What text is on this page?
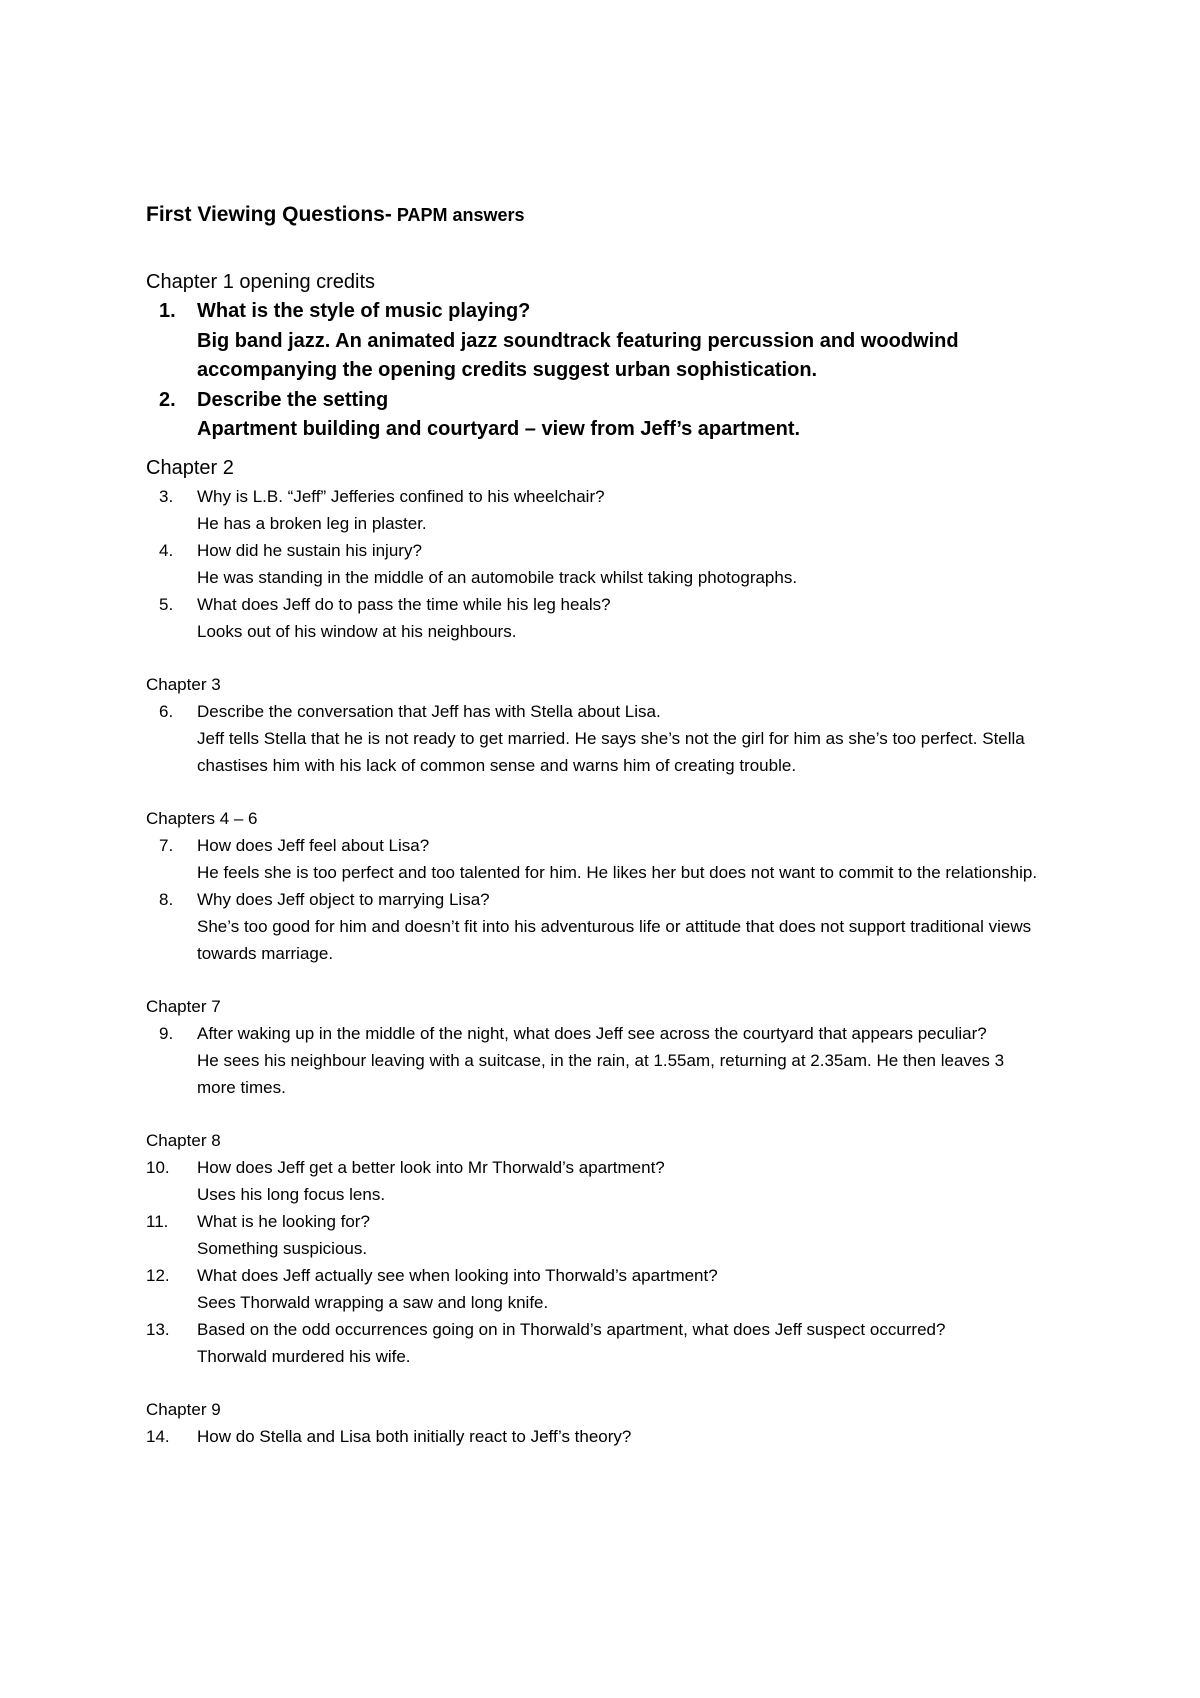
First Viewing Questions- PAPM answers
Chapter 1 opening credits
1. What is the style of music playing?
Big band jazz. An animated jazz soundtrack featuring percussion and woodwind accompanying the opening credits suggest urban sophistication.
2. Describe the setting
Apartment building and courtyard – view from Jeff’s apartment.
Chapter 2
3. Why is L.B. “Jeff” Jefferies confined to his wheelchair?
He has a broken leg in plaster.
4. How did he sustain his injury?
He was standing in the middle of an automobile track whilst taking photographs.
5. What does Jeff do to pass the time while his leg heals?
Looks out of his window at his neighbours.
Chapter 3
6. Describe the conversation that Jeff has with Stella about Lisa.
Jeff tells Stella that he is not ready to get married. He says she’s not the girl for him as she’s too perfect. Stella chastises him with his lack of common sense and warns him of creating trouble.
Chapters 4 – 6
7. How does Jeff feel about Lisa?
He feels she is too perfect and too talented for him. He likes her but does not want to commit to the relationship.
8. Why does Jeff object to marrying Lisa?
She’s too good for him and doesn’t fit into his adventurous life or attitude that does not support traditional views towards marriage.
Chapter 7
9. After waking up in the middle of the night, what does Jeff see across the courtyard that appears peculiar?
He sees his neighbour leaving with a suitcase, in the rain, at 1.55am, returning at 2.35am. He then leaves 3 more times.
Chapter 8
10. How does Jeff get a better look into Mr Thorwald’s apartment?
Uses his long focus lens.
11. What is he looking for?
Something suspicious.
12. What does Jeff actually see when looking into Thorwald’s apartment?
Sees Thorwald wrapping a saw and long knife.
13. Based on the odd occurrences going on in Thorwald’s apartment, what does Jeff suspect occurred?
Thorwald murdered his wife.
Chapter 9
14. How do Stella and Lisa both initially react to Jeff’s theory?
